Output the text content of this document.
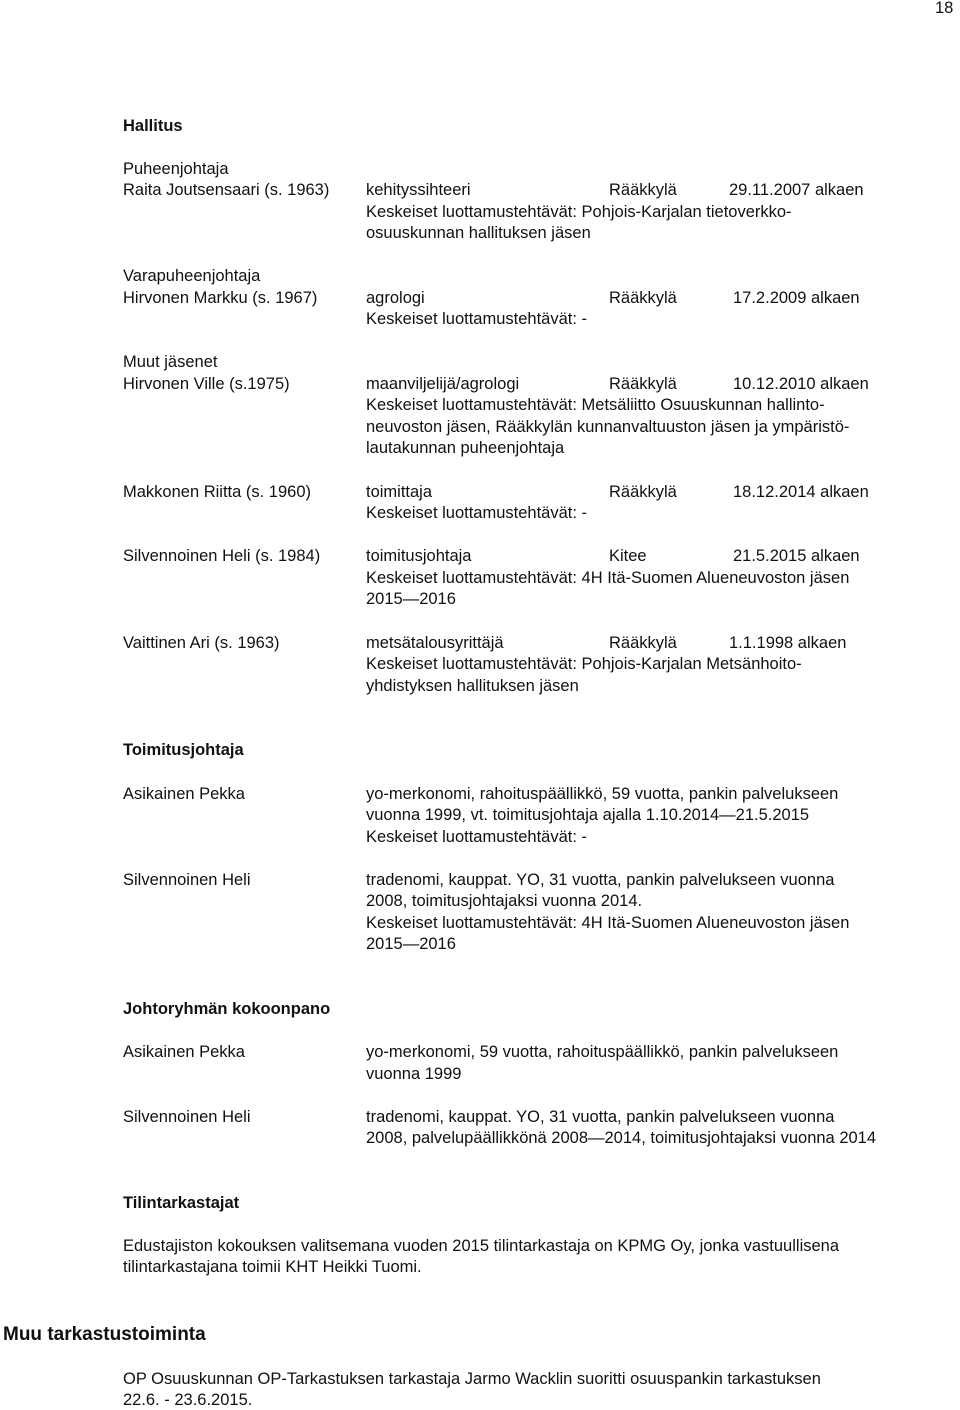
18
Hallitus
Puheenjohtaja
Raita Joutsensaari (s. 1963) kehityssihteeri	Rääkkylä	29.11.2007 alkaen
Keskeiset luottamustehtävät: Pohjois-Karjalan tietoverkko-
osuuskunnan hallituksen jäsen
Varapuheenjohtaja
Hirvonen Markku (s. 1967)	agrologi	Rääkkylä	17.2.2009 alkaen
Keskeiset luottamustehtävät: -
Muut jäsenet
Hirvonen Ville (s.1975)	maanviljelijä/agrologi	Rääkkylä	10.12.2010 alkaen
Keskeiset luottamustehtävät: Metsäliitto Osuuskunnan hallinto-
neuvoston jäsen, Rääkkylän kunnanvaltuuston jäsen ja ympäristö-
lautakunnan puheenjohtaja
Makkonen Riitta (s. 1960)	toimittaja	Rääkkylä	18.12.2014 alkaen
Keskeiset luottamustehtävät: -
Silvennoinen Heli (s. 1984)	toimitusjohtaja	Kitee	21.5.2015 alkaen
Keskeiset luottamustehtävät: 4H Itä-Suomen Alueneuvoston jäsen
2015—2016
Vaittinen Ari (s. 1963)	metsätalousyrittäjä	Rääkkylä	1.1.1998 alkaen
Keskeiset luottamustehtävät: Pohjois-Karjalan Metsänhoito-
yhdistyksen hallituksen jäsen
Toimitusjohtaja
Asikainen Pekka	yo-merkonomi, rahoituspäällikkö, 59 vuotta, pankin palvelukseen
vuonna 1999, vt. toimitusjohtaja ajalla 1.10.2014—21.5.2015
Keskeiset luottamustehtävät: -
Silvennoinen Heli	tradenomi, kauppat. YO, 31 vuotta, pankin palvelukseen vuonna
2008, toimitusjohtajaksi vuonna 2014.
Keskeiset luottamustehtävät: 4H Itä-Suomen Alueneuvoston jäsen
2015—2016
Johtoryhmän kokoonpano
Asikainen Pekka	yo-merkonomi, 59 vuotta, rahoituspäällikkö, pankin palvelukseen
vuonna 1999
Silvennoinen Heli	tradenomi, kauppat. YO, 31 vuotta, pankin palvelukseen vuonna
2008, palvelupäällikkönä 2008—2014, toimitusjohtajaksi vuonna 2014
Tilintarkastajat
Edustajiston kokouksen valitsemana vuoden 2015 tilintarkastaja on KPMG Oy, jonka vastuullisena
tilintarkastajana toimii KHT Heikki Tuomi.
Muu tarkastustoiminta
OP Osuuskunnan OP-Tarkastuksen tarkastaja Jarmo Wacklin suoritti osuuspankin tarkastuksen
22.6. - 23.6.2015.
